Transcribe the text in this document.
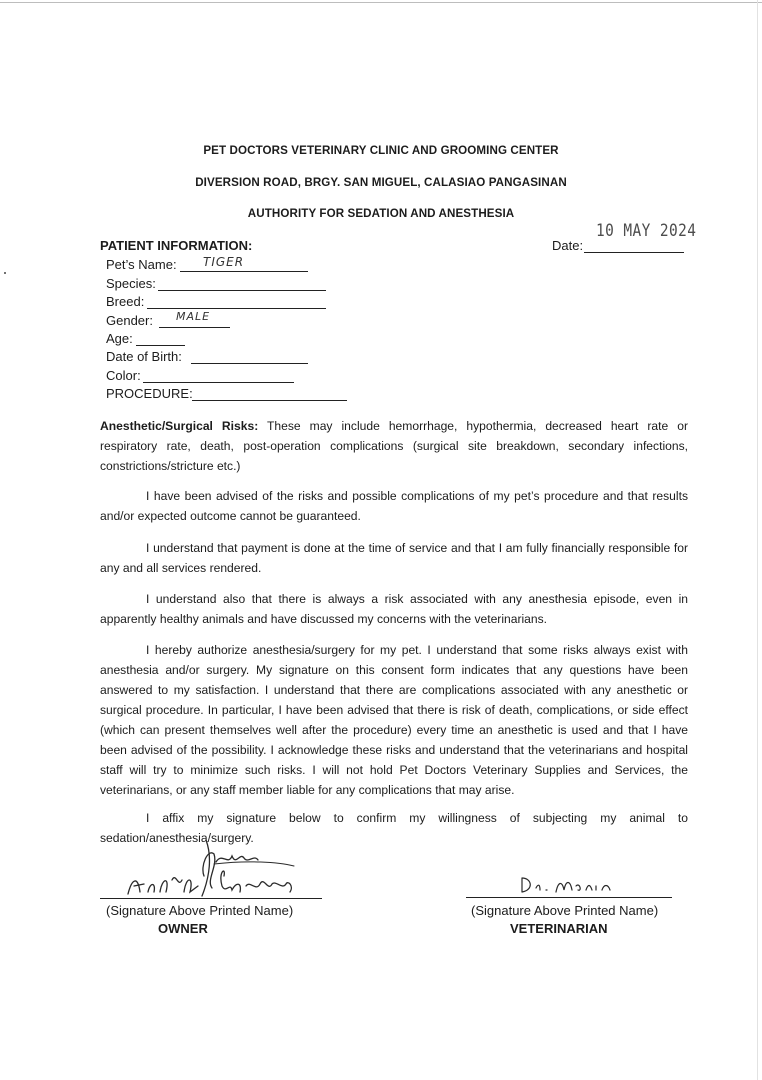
PET DOCTORS VETERINARY CLINIC AND GROOMING CENTER
DIVERSION ROAD, BRGY. SAN MIGUEL, CALASIAO PANGASINAN
AUTHORITY FOR SEDATION AND ANESTHESIA
10 MAY 2024
Date:
PATIENT INFORMATION:
Pet’s Name: TIGER
Species:
Breed:
Gender: MALE
Age:
Date of Birth:
Color:
PROCEDURE:
Anesthetic/Surgical Risks: These may include hemorrhage, hypothermia, decreased heart rate or respiratory rate, death, post-operation complications (surgical site breakdown, secondary infections, constrictions/stricture etc.)
I have been advised of the risks and possible complications of my pet’s procedure and that results and/or expected outcome cannot be guaranteed.
I understand that payment is done at the time of service and that I am fully financially responsible for any and all services rendered.
I understand also that there is always a risk associated with any anesthesia episode, even in apparently healthy animals and have discussed my concerns with the veterinarians.
I hereby authorize anesthesia/surgery for my pet. I understand that some risks always exist with anesthesia and/or surgery. My signature on this consent form indicates that any questions have been answered to my satisfaction. I understand that there are complications associated with any anesthetic or surgical procedure. In particular, I have been advised that there is risk of death, complications, or side effect (which can present themselves well after the procedure) every time an anesthetic is used and that I have been advised of the possibility. I acknowledge these risks and understand that the veterinarians and hospital staff will try to minimize such risks. I will not hold Pet Doctors Veterinary Supplies and Services, the veterinarians, or any staff member liable for any complications that may arise.
I affix my signature below to confirm my willingness of subjecting my animal to sedation/anesthesia/surgery.
(Signature Above Printed Name)
OWNER
(Signature Above Printed Name)
VETERINARIAN
